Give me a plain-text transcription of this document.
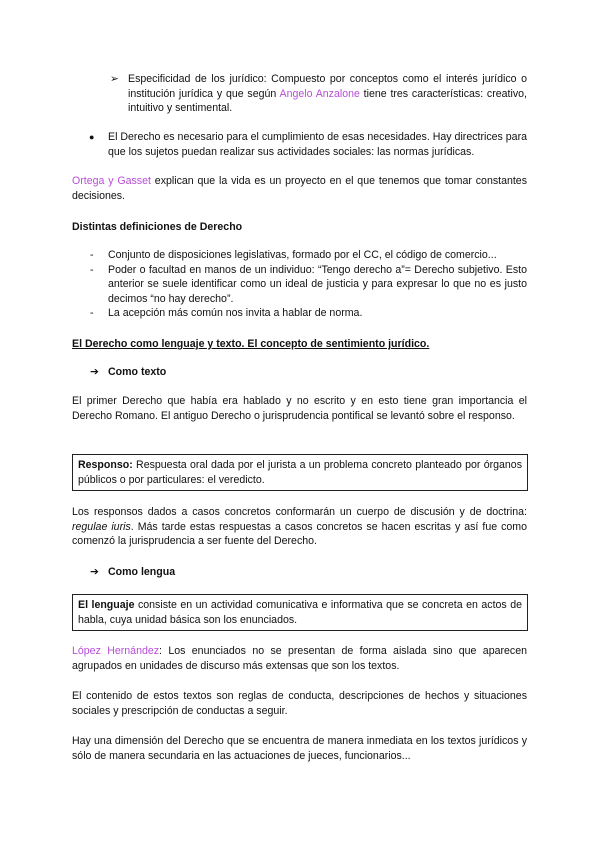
➢ Especificidad de los jurídico: Compuesto por conceptos como el interés jurídico o institución jurídica y que según Angelo Anzalone tiene tres características: creativo, intuitivo y sentimental.

● El Derecho es necesario para el cumplimiento de esas necesidades. Hay directrices para que los sujetos puedan realizar sus actividades sociales: las normas jurídicas.

Ortega y Gasset explican que la vida es un proyecto en el que tenemos que tomar constantes decisiones.

Distintas definiciones de Derecho

- Conjunto de disposiciones legislativas, formado por el CC, el código de comercio...

- Poder o facultad en manos de un individuo: “Tengo derecho a”= Derecho subjetivo. Esto anterior se suele identificar como un ideal de justicia y para expresar lo que no es justo decimos “no hay derecho”.

- La acepción más común nos invita a hablar de norma.

El Derecho como lenguaje y texto. El concepto de sentimiento jurídico.

➔ Como texto

El primer Derecho que había era hablado y no escrito y en esto tiene gran importancia el Derecho Romano. El antiguo Derecho o jurisprudencia pontifical se levantó sobre el responso.

Responso: Respuesta oral dada por el jurista a un problema concreto planteado por órganos públicos o por particulares: el veredicto.

Los responsos dados a casos concretos conformarán un cuerpo de discusión y de doctrina: regulae iuris. Más tarde estas respuestas a casos concretos se hacen escritas y así fue como comenzó la jurisprudencia a ser fuente del Derecho.

➔ Como lengua

El lenguaje consiste en un actividad comunicativa e informativa que se concreta en actos de habla, cuya unidad básica son los enunciados.

López Hernández: Los enunciados no se presentan de forma aislada sino que aparecen agrupados en unidades de discurso más extensas que son los textos.

El contenido de estos textos son reglas de conducta, descripciones de hechos y situaciones sociales y prescripción de conductas a seguir.

Hay una dimensión del Derecho que se encuentra de manera inmediata en los textos jurídicos y sólo de manera secundaria en las actuaciones de jueces, funcionarios...
